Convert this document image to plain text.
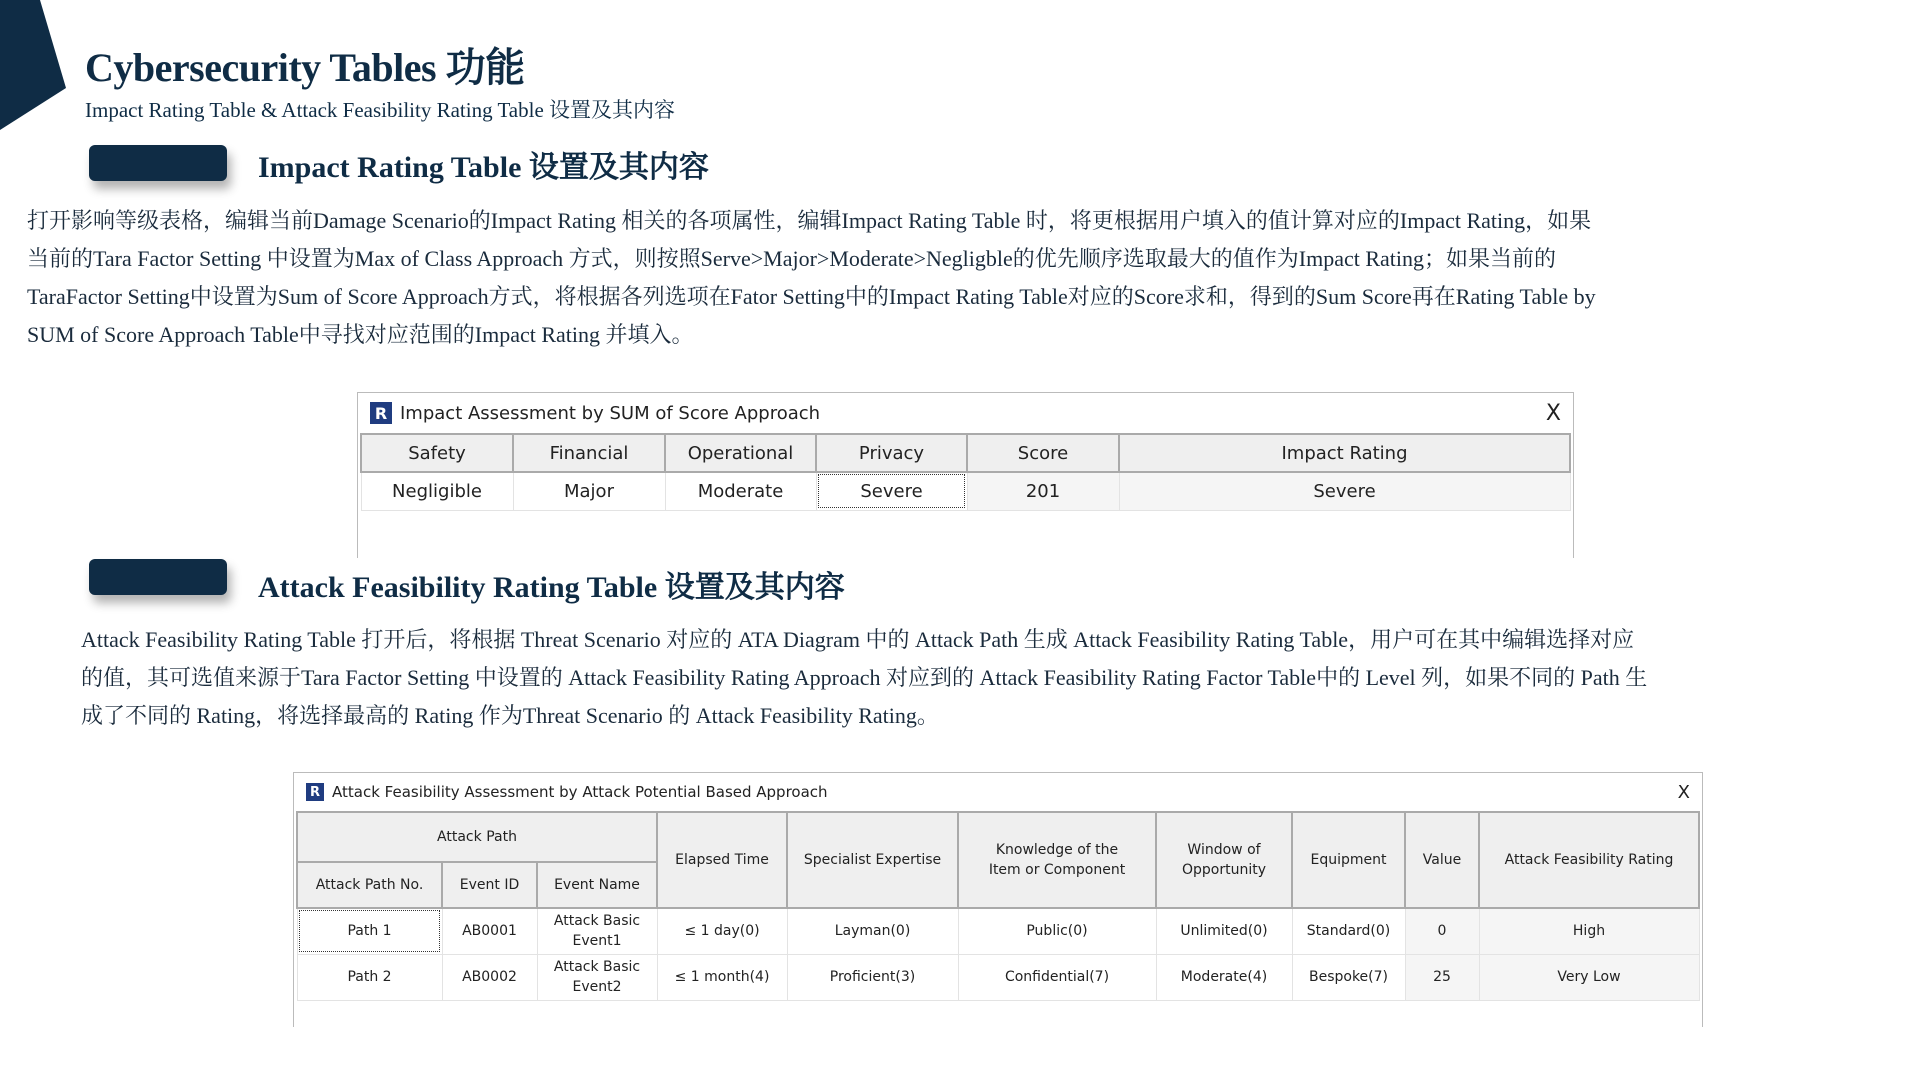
Cybersecurity Tables 功能
Impact Rating Table & Attack Feasibility Rating Table 设置及其内容
Impact Rating Table 设置及其内容
打开影响等级表格，编辑当前Damage Scenario的Impact Rating 相关的各项属性，编辑Impact Rating Table 时，将更根据用户填入的值计算对应的Impact Rating，如果
当前的Tara Factor Setting 中设置为Max of Class Approach 方式，则按照Serve>Major>Moderate>Negligble的优先顺序选取最大的值作为Impact Rating；如果当前的
TaraFactor Setting中设置为Sum of Score Approach方式，将根据各列选项在Fator Setting中的Impact Rating Table对应的Score求和，得到的Sum Score再在Rating Table by
SUM of Score Approach Table中寻找对应范围的Impact Rating 并填入。
R Impact Assessment by SUM of Score Approach	X
Safety	Financial	Operational	Privacy	Score	Impact Rating
Negligible	Major	Moderate	Severe	201	Severe
Attack Feasibility Rating Table 设置及其内容
Attack Feasibility Rating Table 打开后，将根据 Threat Scenario 对应的 ATA Diagram 中的 Attack Path 生成 Attack Feasibility Rating Table，用户可在其中编辑选择对应
的值，其可选值来源于Tara Factor Setting 中设置的 Attack Feasibility Rating Approach 对应到的 Attack Feasibility Rating Factor Table中的 Level 列，如果不同的 Path 生
成了不同的 Rating，将选择最高的 Rating 作为Threat Scenario 的 Attack Feasibility Rating。
R Attack Feasibility Assessment by Attack Potential Based Approach	X
Attack Path			Elapsed Time	Specialist Expertise	Knowledge of the Item or Component	Window of Opportunity	Equipment	Value	Attack Feasibility Rating
Attack Path No.	Event ID	Event Name							
Path 1	AB0001	Attack Basic Event1	≤ 1 day(0)	Layman(0)	Public(0)	Unlimited(0)	Standard(0)	0	High
Path 2	AB0002	Attack Basic Event2	≤ 1 month(4)	Proficient(3)	Confidential(7)	Moderate(4)	Bespoke(7)	25	Very Low
